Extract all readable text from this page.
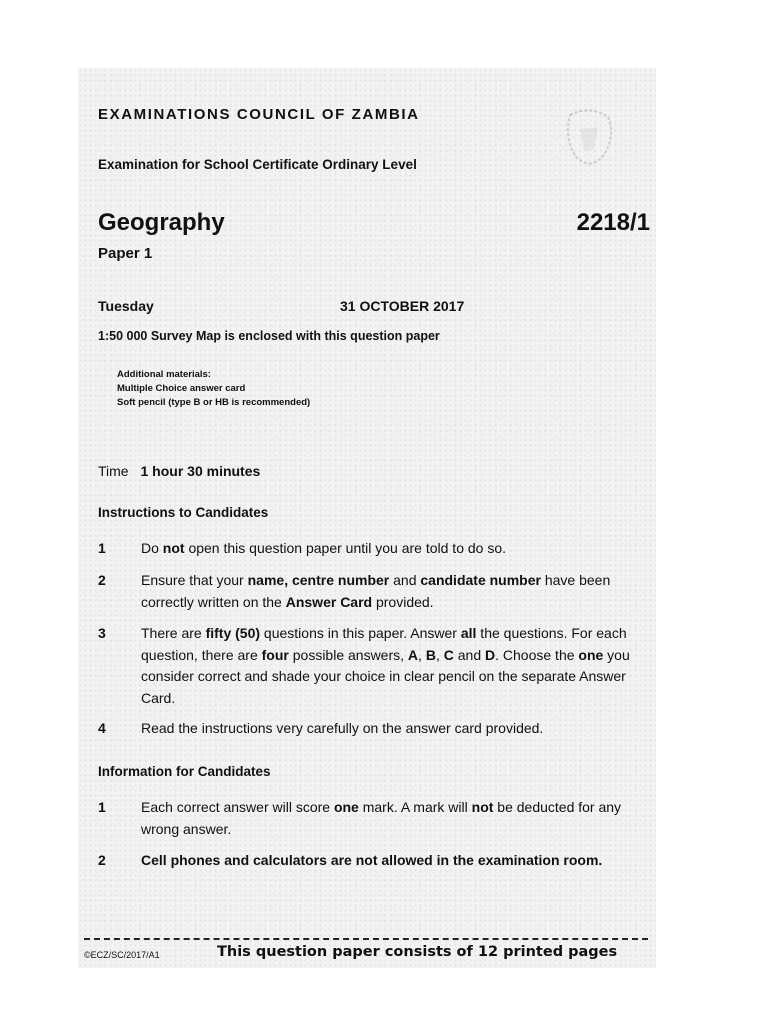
EXAMINATIONS COUNCIL OF ZAMBIA
Examination for School Certificate Ordinary Level
Geography	2218/1
Paper 1
Tuesday	31 OCTOBER 2017
1:50 000 Survey Map is enclosed with this question paper
Additional materials:
Multiple Choice answer card
Soft pencil (type B or HB is recommended)
Time 1 hour 30 minutes
Instructions to Candidates
1	Do not open this question paper until you are told to do so.
2	Ensure that your name, centre number and candidate number have been correctly written on the Answer Card provided.
3	There are fifty (50) questions in this paper. Answer all the questions. For each question, there are four possible answers, A, B, C and D. Choose the one you consider correct and shade your choice in clear pencil on the separate Answer Card.
4	Read the instructions very carefully on the answer card provided.
Information for Candidates
1	Each correct answer will score one mark. A mark will not be deducted for any wrong answer.
2	Cell phones and calculators are not allowed in the examination room.
©ECZ/SC/2017/A1	This question paper consists of 12 printed pages
